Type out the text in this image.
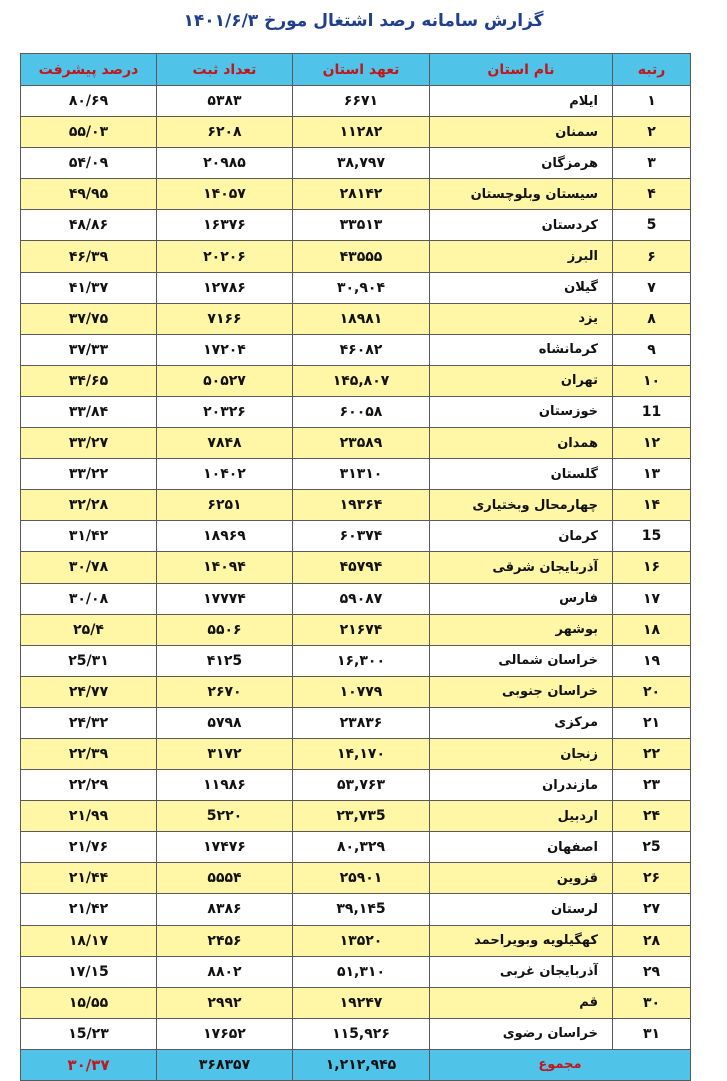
گزارش سامانه رصد اشتغال مورخ ۱۴۰۱/۶/۳
رتبه	نام استان	تعهد استان	تعداد ثبت	درصد پیشرفت
۱	ایلام	۶۶۷۱	۵۳۸۳	۸۰/۶۹
۲	سمنان	۱۱۲۸۲	۶۲۰۸	۵۵/۰۳
۳	هرمزگان	۳۸,۷۹۷	۲۰۹۸۵	۵۴/۰۹
۴	سیستان وبلوچستان	۲۸۱۴۲	۱۴۰۵۷	۴۹/۹۵
5	کردستان	۳۳۵۱۳	۱۶۳۷۶	۴۸/۸۶
۶	البرز	۴۳۵۵۵	۲۰۲۰۶	۴۶/۳۹
۷	گیلان	۳۰,۹۰۴	۱۲۷۸۶	۴۱/۳۷
۸	یزد	۱۸۹۸۱	۷۱۶۶	۳۷/۷۵
۹	کرمانشاه	۴۶۰۸۲	۱۷۲۰۴	۳۷/۳۳
۱۰	تهران	۱۴۵,۸۰۷	۵۰۵۲۷	۳۴/۶۵
11	خوزستان	۶۰۰۵۸	۲۰۳۲۶	۳۳/۸۴
۱۲	همدان	۲۳۵۸۹	۷۸۴۸	۳۳/۲۷
۱۳	گلستان	۳۱۳۱۰	۱۰۴۰۲	۳۳/۲۲
۱۴	چهارمحال وبختیاری	۱۹۳۶۴	۶۲۵۱	۳۲/۲۸
15	کرمان	۶۰۳۷۴	۱۸۹۶۹	۳۱/۴۲
۱۶	آذربایجان شرقی	۴۵۷۹۴	۱۴۰۹۴	۳۰/۷۸
۱۷	فارس	۵۹۰۸۷	۱۷۷۷۴	۳۰/۰۸
۱۸	بوشهر	۲۱۶۷۴	۵۵۰۶	۲۵/۴
۱۹	خراسان شمالی	۱۶,۳۰۰	۴۱۲5	۲5/۳۱
۲۰	خراسان جنوبی	۱۰۷۷۹	۲۶۷۰	۲۴/۷۷
۲۱	مرکزی	۲۳۸۳۶	۵۷۹۸	۲۴/۳۲
۲۲	زنجان	۱۴,۱۷۰	۳۱۷۲	۲۲/۳۹
۲۳	مازندران	۵۳,۷۶۳	۱۱۹۸۶	۲۲/۲۹
۲۴	اردبیل	۲۳,۷۳5	5۲۲۰	۲۱/۹۹
۲5	اصفهان	۸۰,۳۲۹	۱۷۴۷۶	۲۱/۷۶
۲۶	قزوین	۲۵۹۰۱	۵۵۵۴	۲۱/۴۴
۲۷	لرستان	۳۹,۱۴5	۸۳۸۶	۲۱/۴۲
۲۸	کهگیلویه وبویراحمد	۱۳۵۲۰	۲۴۵۶	۱۸/۱۷
۲۹	آذربایجان غربی	۵۱,۳۱۰	۸۸۰۲	۱۷/۱5
۳۰	قم	۱۹۲۴۷	۲۹۹۲	۱۵/۵۵
۳۱	خراسان رضوی	۱۱5,۹۲۶	۱۷۶۵۲	۱5/۲۳
مجموع		۱,۲۱۲,۹۴۵	۳۶۸۳۵۷	۳۰/۳۷
